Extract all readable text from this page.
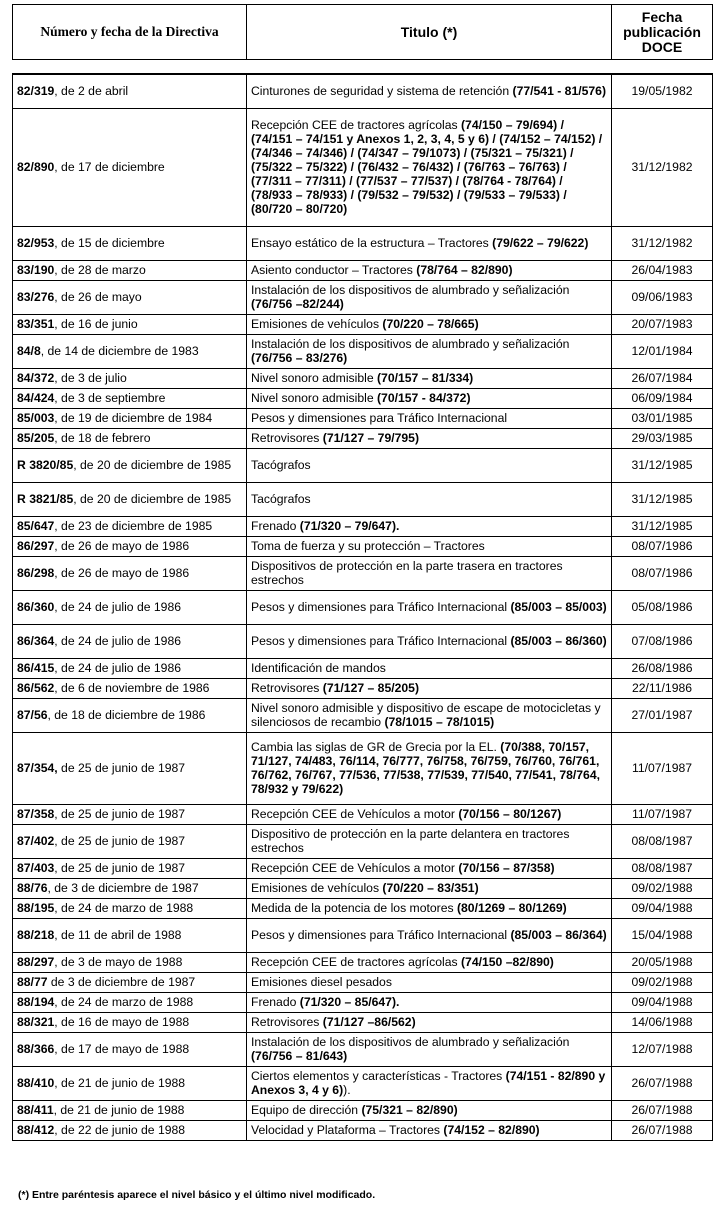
Número y fecha de la Directiva	Titulo (*)	Fecha
publicación
DOCE
82/319, de 2 de abril	Cinturones de seguridad y sistema de retención (77/541 - 81/576)	19/05/1982
82/890, de 17 de diciembre	Recepción CEE de tractores agrícolas (74/150 – 79/694) / (74/151 – 74/151 y Anexos 1, 2, 3, 4, 5 y 6) / (74/152 – 74/152) / (74/346 – 74/346) / (74/347 – 79/1073) / (75/321 – 75/321) / (75/322 – 75/322) / (76/432 – 76/432) / (76/763 – 76/763) / (77/311 – 77/311) / (77/537 – 77/537) / (78/764 - 78/764) / (78/933 – 78/933) / (79/532 – 79/532) / (79/533 – 79/533) / (80/720 – 80/720)	31/12/1982
82/953, de 15 de diciembre	Ensayo estático de la estructura – Tractores (79/622 – 79/622)	31/12/1982
83/190, de 28 de marzo	Asiento conductor – Tractores (78/764 – 82/890)	26/04/1983
83/276, de 26 de mayo	Instalación de los dispositivos de alumbrado y señalización (76/756 –82/244)	09/06/1983
83/351, de 16 de junio	Emisiones de vehículos (70/220 – 78/665)	20/07/1983
84/8, de 14 de diciembre de 1983	Instalación de los dispositivos de alumbrado y señalización (76/756 – 83/276)	12/01/1984
84/372, de 3 de julio	Nivel sonoro admisible (70/157 – 81/334)	26/07/1984
84/424, de 3 de septiembre	Nivel sonoro admisible (70/157 - 84/372)	06/09/1984
85/003, de 19 de diciembre de 1984	Pesos y dimensiones para Tráfico Internacional	03/01/1985
85/205, de 18 de febrero	Retrovisores (71/127 – 79/795)	29/03/1985
R 3820/85, de 20 de diciembre de 1985	Tacógrafos	31/12/1985
R 3821/85, de 20 de diciembre de 1985	Tacógrafos	31/12/1985
85/647, de 23 de diciembre de 1985	Frenado (71/320 – 79/647).	31/12/1985
86/297, de 26 de mayo de 1986	Toma de fuerza y su protección – Tractores	08/07/1986
86/298, de 26 de mayo de 1986	Dispositivos de protección en la parte trasera en tractores estrechos	08/07/1986
86/360, de 24 de julio de 1986	Pesos y dimensiones para Tráfico Internacional (85/003 – 85/003)	05/08/1986
86/364, de 24 de julio de 1986	Pesos y dimensiones para Tráfico Internacional (85/003 – 86/360)	07/08/1986
86/415, de 24 de julio de 1986	Identificación de mandos	26/08/1986
86/562, de 6 de noviembre de 1986	Retrovisores (71/127 – 85/205)	22/11/1986
87/56, de 18 de diciembre de 1986	Nivel sonoro admisible y dispositivo de escape de motocicletas y silenciosos de recambio (78/1015 – 78/1015)	27/01/1987
87/354, de 25 de junio de 1987	Cambia las siglas de GR de Grecia por la EL. (70/388, 70/157, 71/127, 74/483, 76/114, 76/777, 76/758, 76/759, 76/760, 76/761, 76/762, 76/767, 77/536, 77/538, 77/539, 77/540, 77/541, 78/764, 78/932 y 79/622)	11/07/1987
87/358, de 25 de junio de 1987	Recepción CEE de Vehículos a motor (70/156 – 80/1267)	11/07/1987
87/402, de 25 de junio de 1987	Dispositivo de protección en la parte delantera en tractores estrechos	08/08/1987
87/403, de 25 de junio de 1987	Recepción CEE de Vehículos a motor (70/156 – 87/358)	08/08/1987
88/76, de 3 de diciembre de 1987	Emisiones de vehículos (70/220 – 83/351)	09/02/1988
88/195, de 24 de marzo de 1988	Medida de la potencia de los motores (80/1269 – 80/1269)	09/04/1988
88/218, de 11 de abril de 1988	Pesos y dimensiones para Tráfico Internacional (85/003 – 86/364)	15/04/1988
88/297, de 3 de mayo de 1988	Recepción CEE de tractores agrícolas (74/150 –82/890)	20/05/1988
88/77 de 3 de diciembre de 1987	Emisiones diesel pesados	09/02/1988
88/194, de 24 de marzo de 1988	Frenado (71/320 – 85/647).	09/04/1988
88/321, de 16 de mayo de 1988	Retrovisores (71/127 –86/562)	14/06/1988
88/366, de 17 de mayo de 1988	Instalación de los dispositivos de alumbrado y señalización (76/756 – 81/643)	12/07/1988
88/410, de 21 de junio de 1988	Ciertos elementos y características - Tractores (74/151 - 82/890 y Anexos 3, 4 y 6)).	26/07/1988
88/411, de 21 de junio de 1988	Equipo de dirección (75/321 – 82/890)	26/07/1988
88/412, de 22 de junio de 1988	Velocidad y Plataforma – Tractores (74/152 – 82/890)	26/07/1988
(*) Entre paréntesis aparece el nivel básico y el último nivel modificado.
